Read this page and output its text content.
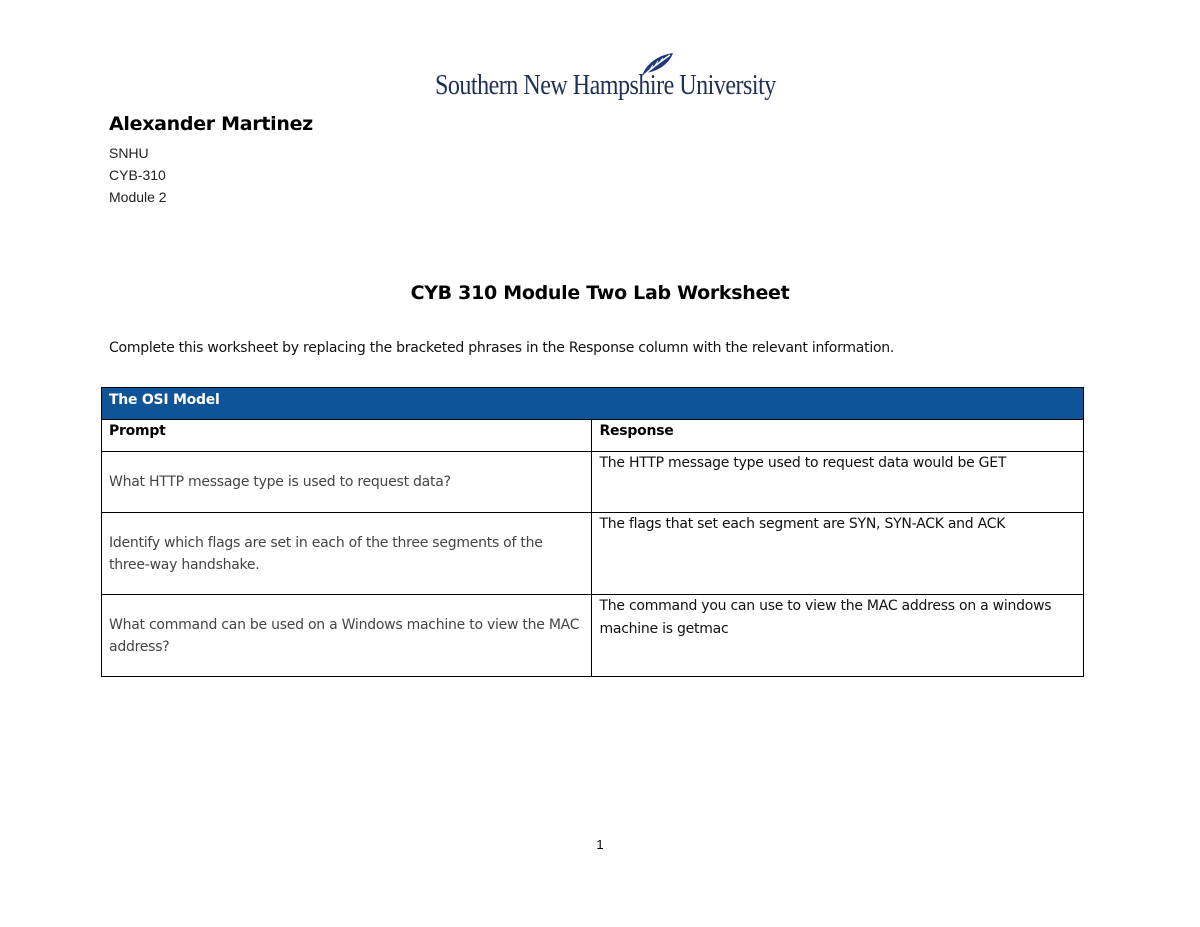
Southern New Hampshire University
Alexander Martinez
SNHU
CYB-310
Module 2
CYB 310 Module Two Lab Worksheet
Complete this worksheet by replacing the bracketed phrases in the Response column with the relevant information.
The OSI Model	
Prompt	Response
What HTTP message type is used to request data?	The HTTP message type used to request data would be GET
Identify which flags are set in each of the three segments of the three-way handshake.	The flags that set each segment are SYN, SYN-ACK and ACK
What command can be used on a Windows machine to view the MAC address?	The command you can use to view the MAC address on a windows machine is getmac
1
